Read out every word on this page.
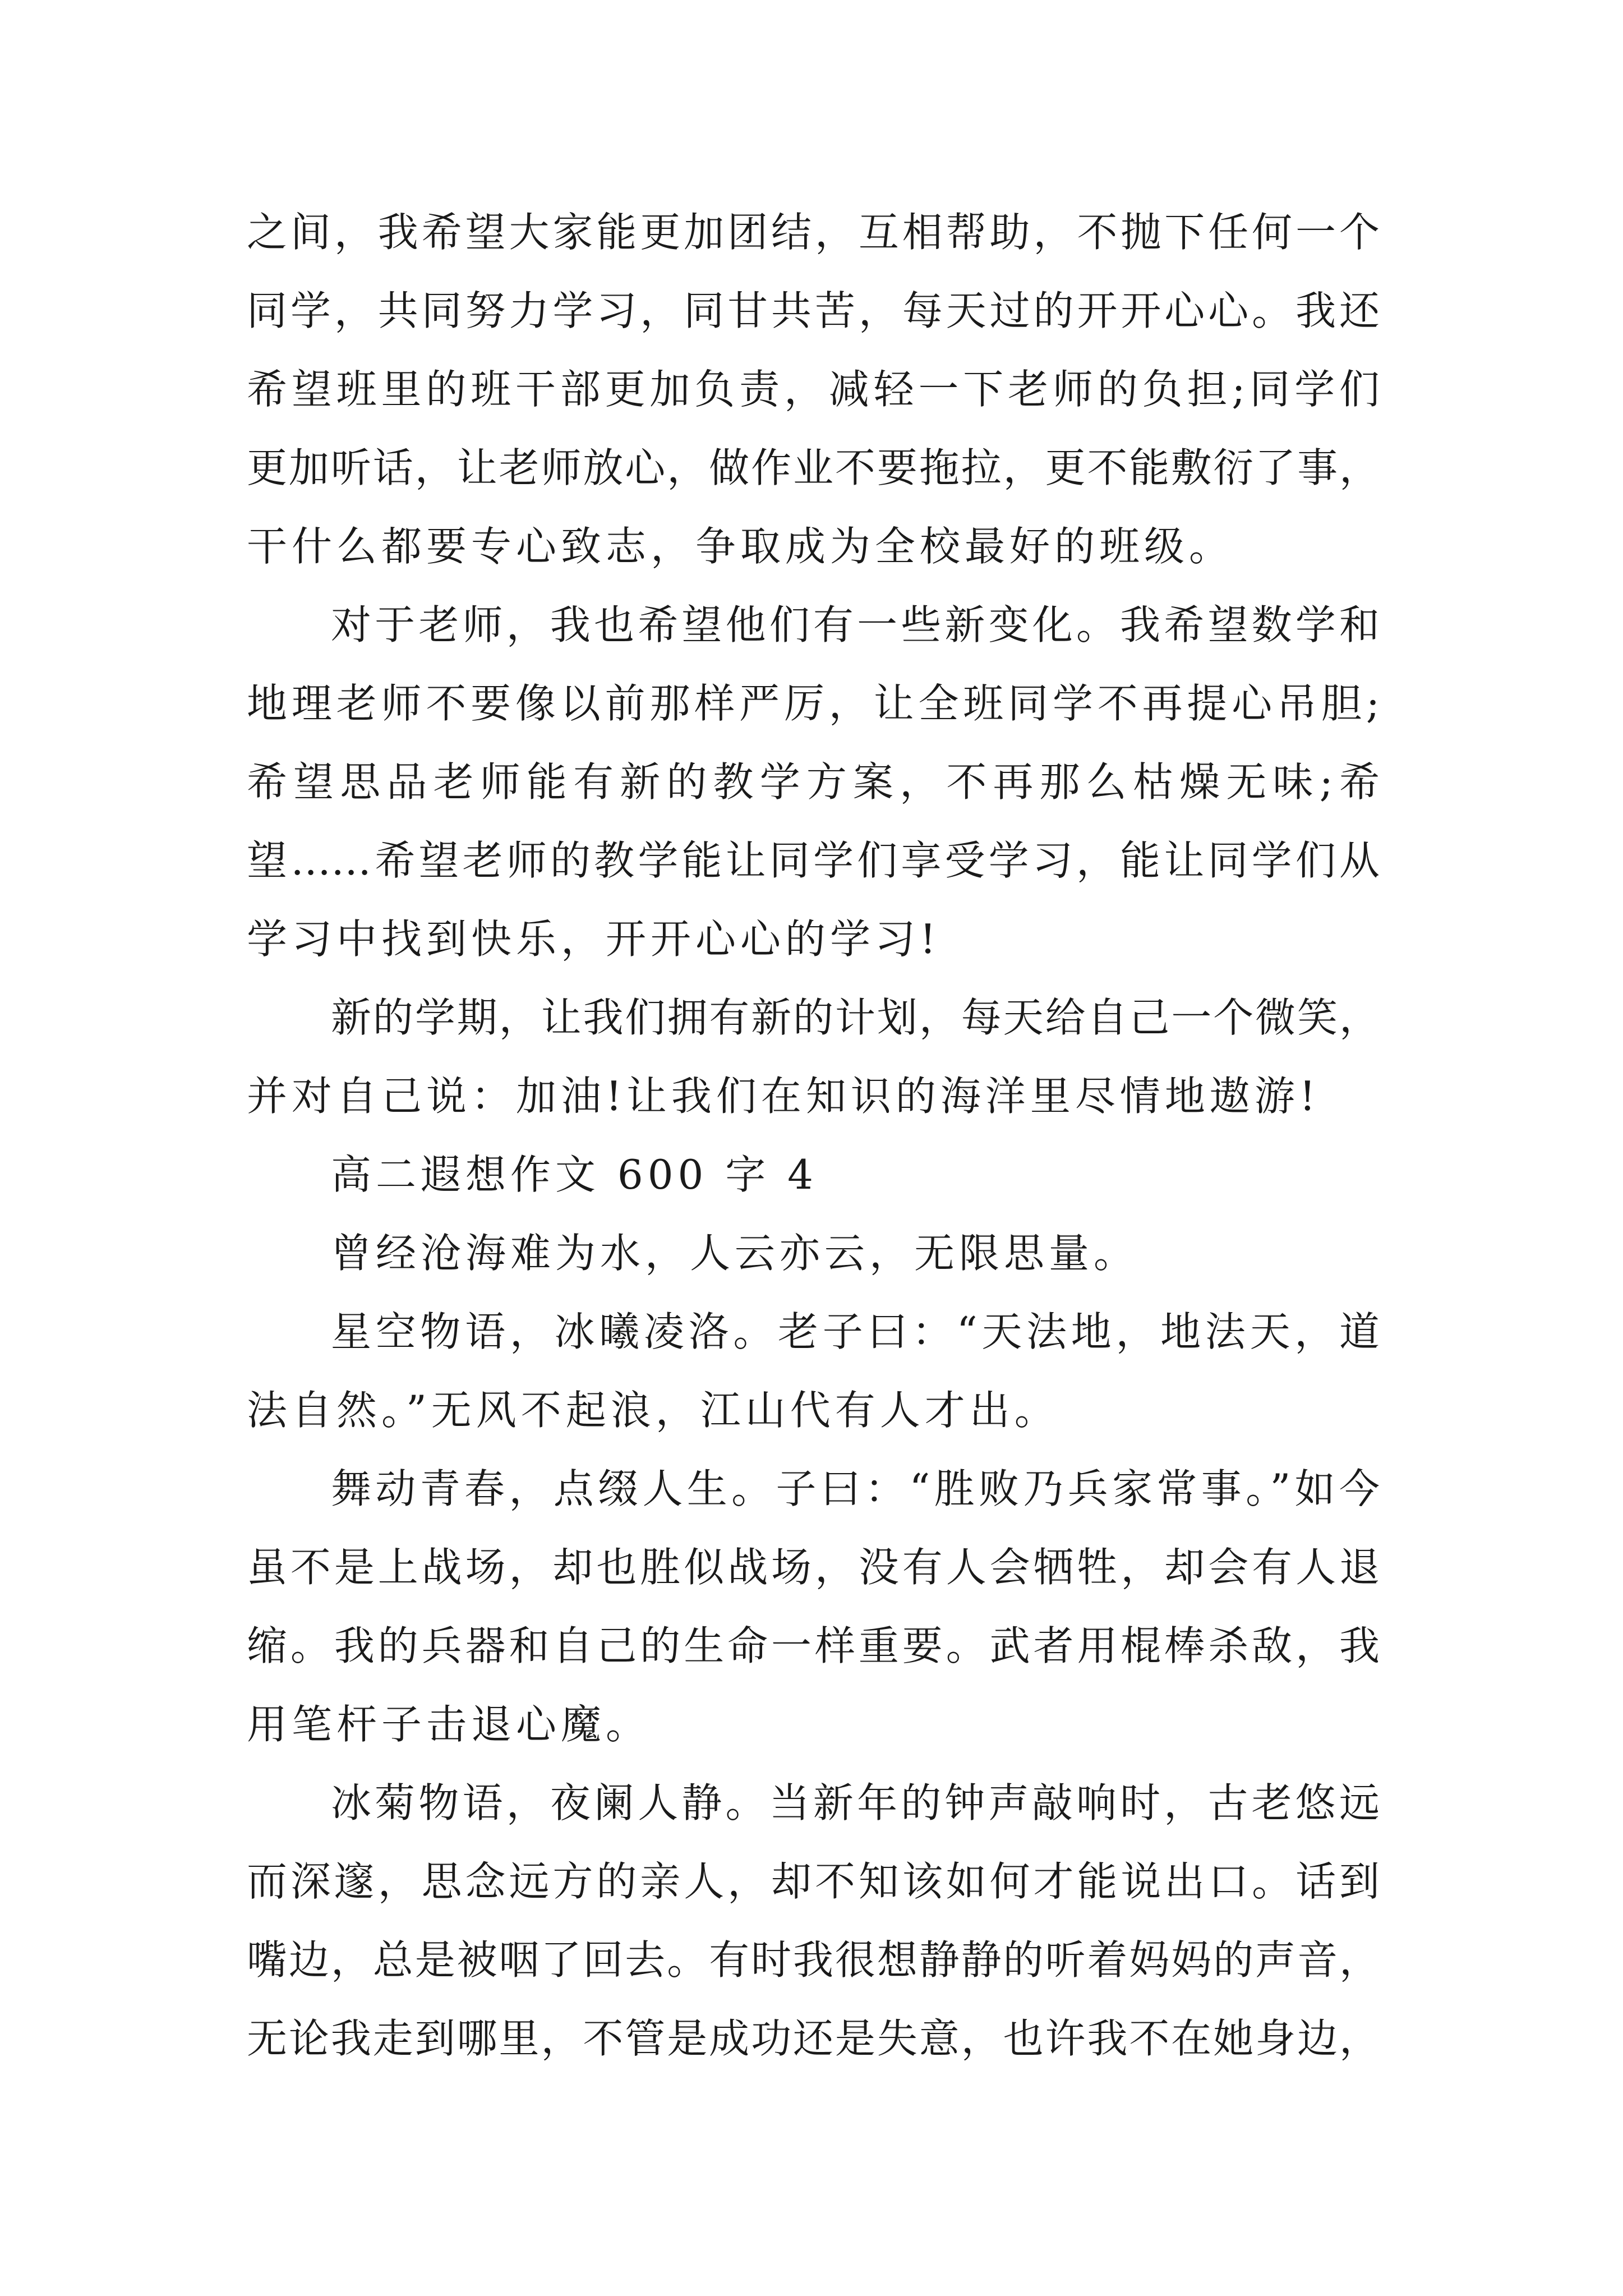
之间，我希望大家能更加团结，互相帮助，不抛下任何一个
同学，共同努力学习，同甘共苦，每天过的开开心心。我还
希望班里的班干部更加负责，减轻一下老师的负担;同学们
更加听话，让老师放心，做作业不要拖拉，更不能敷衍了事，
干什么都要专心致志，争取成为全校最好的班级。
对于老师，我也希望他们有一些新变化。我希望数学和
地理老师不要像以前那样严厉，让全班同学不再提心吊胆;
希望思品老师能有新的教学方案，不再那么枯燥无味;希
望……希望老师的教学能让同学们享受学习，能让同学们从
学习中找到快乐，开开心心的学习!
新的学期，让我们拥有新的计划，每天给自己一个微笑，
并对自己说：加油!让我们在知识的海洋里尽情地遨游!
高二遐想作文 600 字 4
曾经沧海难为水，人云亦云，无限思量。
星空物语，冰曦凌洛。老子曰：“天法地，地法天，道
法自然。”无风不起浪，江山代有人才出。
舞动青春，点缀人生。子曰：“胜败乃兵家常事。”如今
虽不是上战场，却也胜似战场，没有人会牺牲，却会有人退
缩。我的兵器和自己的生命一样重要。武者用棍棒杀敌，我
用笔杆子击退心魔。
冰菊物语，夜阑人静。当新年的钟声敲响时，古老悠远
而深邃，思念远方的亲人，却不知该如何才能说出口。话到
嘴边，总是被咽了回去。有时我很想静静的听着妈妈的声音，
无论我走到哪里，不管是成功还是失意，也许我不在她身边，
